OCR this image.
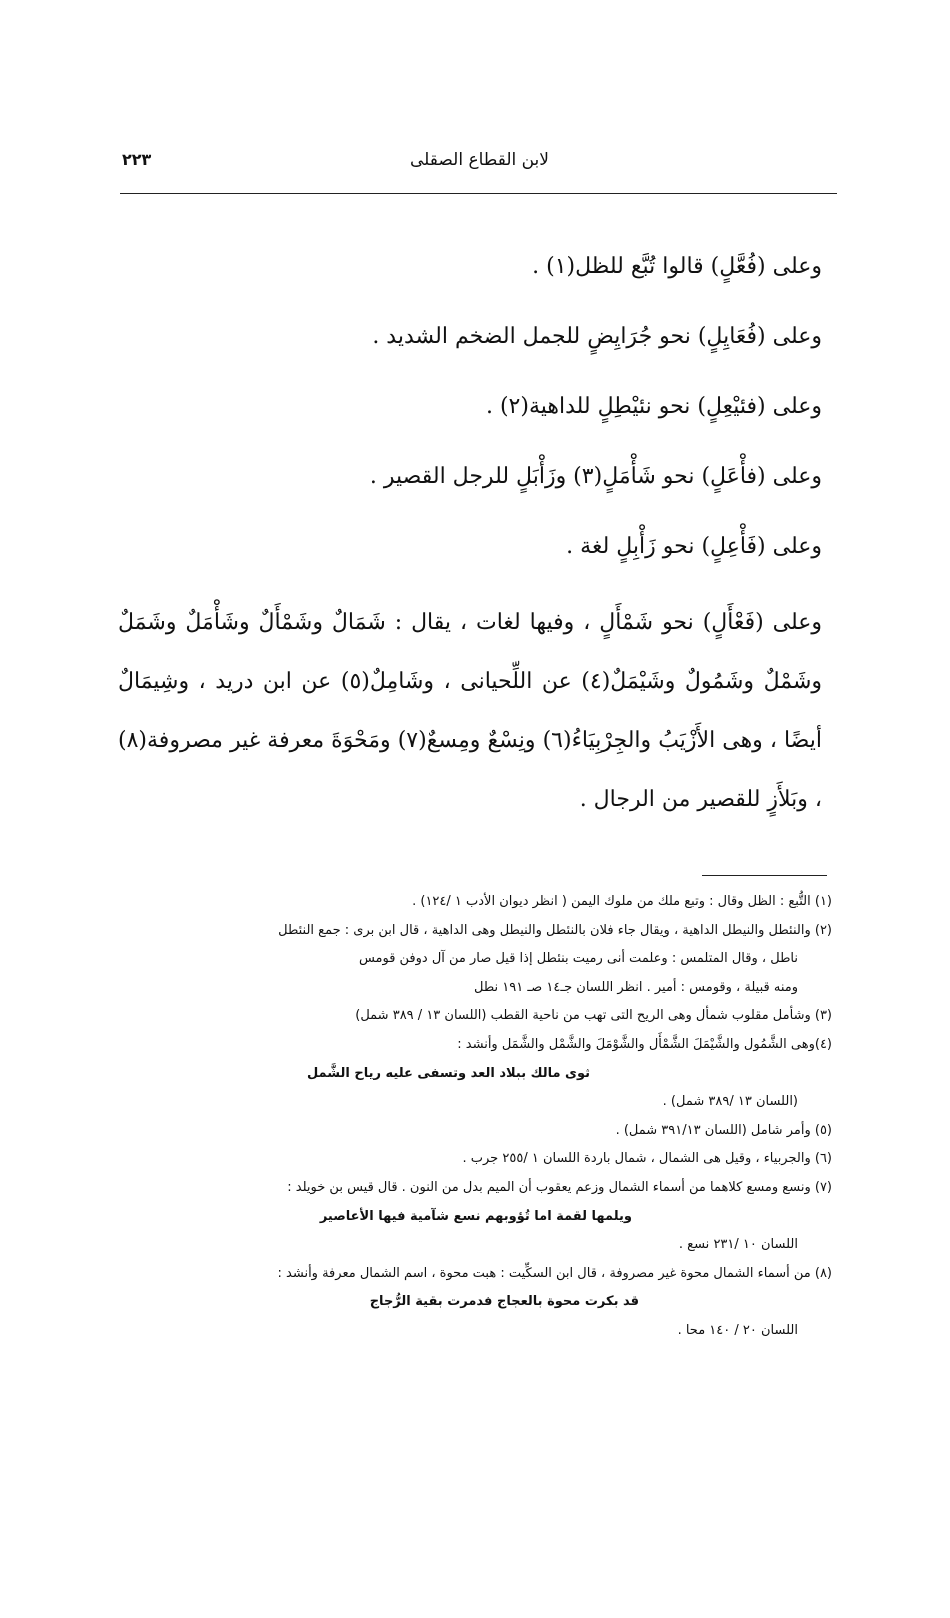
لابن القطاع الصقلى
٢٢٣

وعلى (فُعَّلٍ) قالوا تُبَّع للظل(١) .

وعلى (فُعَايِلٍ) نحو جُرَايِضٍ للجمل الضخم الشديد .

وعلى (فئيْعِلٍ) نحو نئيْطِلٍ للداهية(٢) .

وعلى (فأْعَلٍ) نحو شَأْمَلٍ(٣) وزَأْبَلٍ للرجل القصير .

وعلى (فَأْعِلٍ) نحو زَأْبِلٍ لغة .

وعلى (فَعْأَلٍ) نحو شَمْأَلٍ ، وفيها لغات ، يقال : شَمَالٌ وشَمْأَلٌ وشَأْمَلٌ وشَمَلٌ وشَمْلٌ وشَمُولٌ وشَيْمَلٌ(٤) عن اللِّحيانى ، وشَامِلٌ(٥) عن ابن دريد ، وشِيمَالٌ أيضًا ، وهى الأَزْيَبُ والجِرْبِيَاءُ(٦) ونِسْعٌ ومِسعٌ(٧) ومَحْوَةَ معرفة غير مصروفة(٨) ، وبَلأَزٍ للقصير من الرجال .

(١) التُّبع : الظل وقال : وتبع ملك من ملوك اليمن ( انظر ديوان الأدب ١ /١٢٤) .

(٢) والنئطل والنيطل الداهية ، ويقال جاء فلان بالنئطل والنيطل وهى الداهية ، قال ابن برى : جمع النئطل

ناطل ، وقال المتلمس : وعلمت أنى رميت بنئطل إذا قيل صار من آل دوفن قومس

ومنه قبيلة ، وقومس : أمير . انظر اللسان جـ١٤ صـ ١٩١ نطل

(٣) وشأمل مقلوب شمأل وهى الريح التى تهب من ناحية القطب (اللسان ١٣ / ٣٨٩ شمل)

(٤)وهى الشَّمُول والشَّيْمَلَ الشَّمْأَل والشَّوْمَلَ والشَّمْل والشَّمَل وأنشد :

ثوى مالك ببلاد العد وتسفى عليه رياح الشَّمل

(اللسان ١٣ /٣٨٩ شمل) .

(٥) وأمر شامل (اللسان ٣٩١/١٣ شمل) .

(٦) والجربياء ، وقيل هى الشمال ، شمال باردة اللسان ١ /٢٥٥ جرب .

(٧) ونسع ومسع كلاهما من أسماء الشمال وزعم يعقوب أن الميم بدل من النون . قال قيس بن خويلد :

ويلمها لقمة اما تُؤوبهم نسع شآمية فيها الأعاصير

اللسان ١٠ /٢٣١ نسع .

(٨) من أسماء الشمال محوة غير مصروفة ، قال ابن السكِّيت : هبت محوة ، اسم الشمال معرفة وأنشد :

قد بكرت محوة بالعجاج فدمرت بقية الرُّجاج

اللسان ٢٠ / ١٤٠ محا .
